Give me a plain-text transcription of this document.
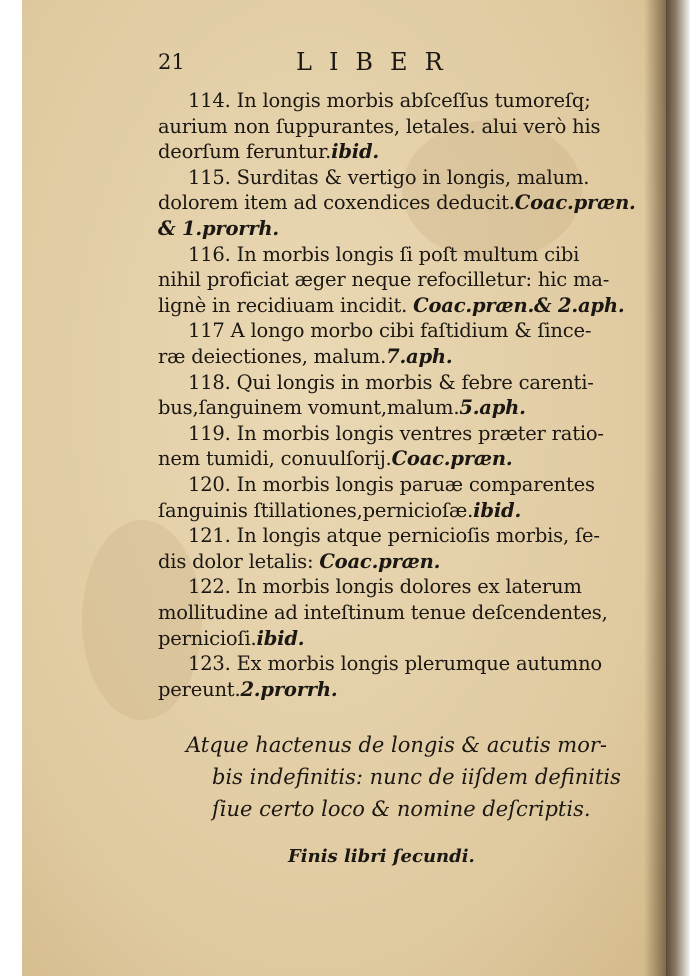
21	LIBER
114. In longis morbis abſceſſus tumoreſq;
aurium non ſuppurantes, letales. alui verò his
deorſum feruntur.ibid.
115. Surditas & vertigo in longis, malum.
dolorem item ad coxendices deducit.Coac.præn.
& 1.prorrh.
116. In morbis longis ſi poſt multum cibi
nihil proficiat æger neque refocilletur: hic ma-
lignè in recidiuam incidit. Coac.præn.& 2.aph.
117 A longo morbo cibi faſtidium & ſince-
ræ deiectiones, malum.7.aph.
118. Qui longis in morbis & febre carenti-
bus,ſanguinem vomunt,malum.5.aph.
119. In morbis longis ventres præter ratio-
nem tumidi, conuulſorij.Coac.præn.
120. In morbis longis paruæ comparentes
ſanguinis ſtillationes,pernicioſæ.ibid.
121. In longis atque pernicioſis morbis, ſe-
dis dolor letalis: Coac.præn.
122. In morbis longis dolores ex laterum
mollitudine ad inteſtinum tenue deſcendentes,
pernicioſi.ibid.
123. Ex morbis longis plerumque autumno
pereunt.2.prorrh.
Atque hactenus de longis & acutis mor-
bis indefinitis: nunc de iiſdem definitis
ſiue certo loco & nomine deſcriptis.
Finis libri ſecundi.
